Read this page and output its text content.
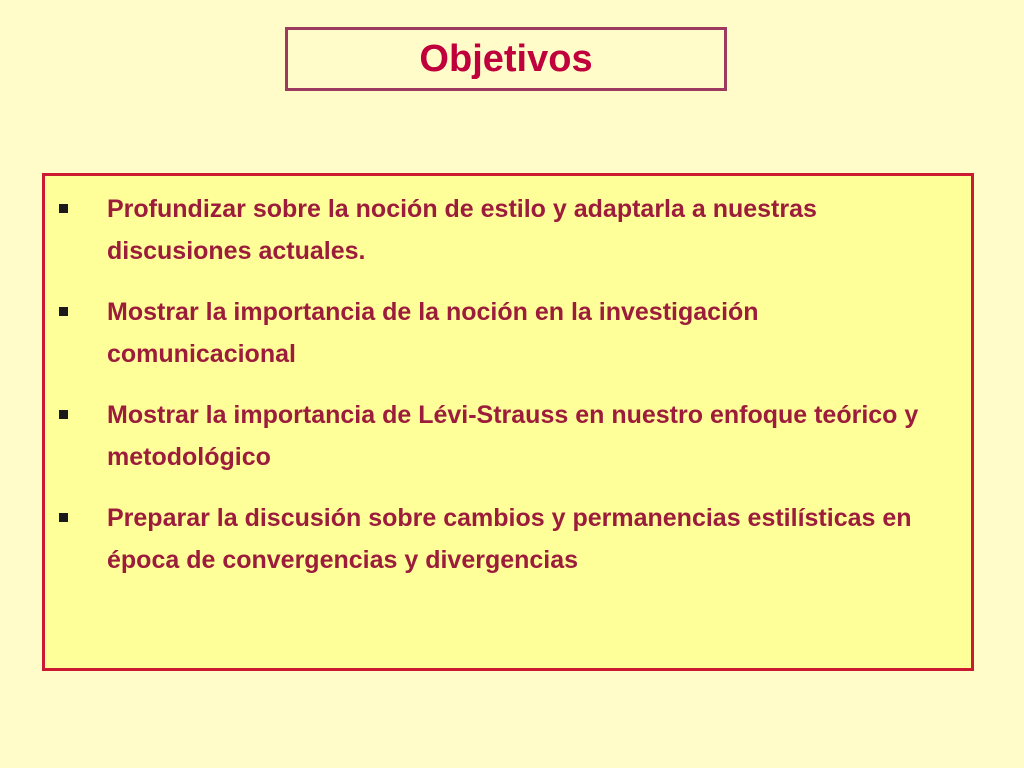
Objetivos
Profundizar sobre la noción de estilo y adaptarla a nuestras discusiones actuales.
Mostrar la importancia de la noción en la investigación comunicacional
Mostrar la importancia de Lévi-Strauss en nuestro enfoque teórico y metodológico
Preparar la discusión sobre cambios y permanencias estilísticas en época de convergencias y divergencias
